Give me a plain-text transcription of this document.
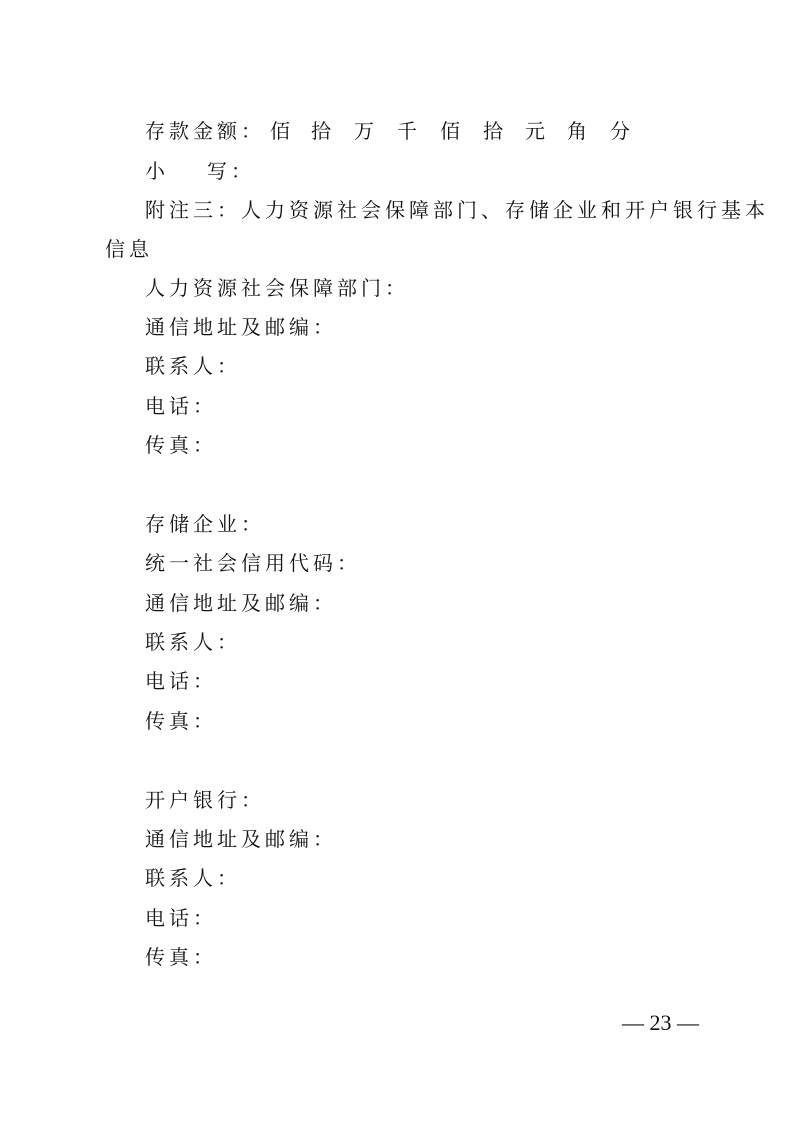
存款金额： 佰 拾 万 千 佰 拾 元 角 分
小 写：
附注三：人力资源社会保障部门、存储企业和开户银行基本
信息
人力资源社会保障部门：
通信地址及邮编：
联系人：
电话：
传真：
存储企业：
统一社会信用代码：
通信地址及邮编：
联系人：
电话：
传真：
开户银行：
通信地址及邮编：
联系人：
电话：
传真：
— 23 —
